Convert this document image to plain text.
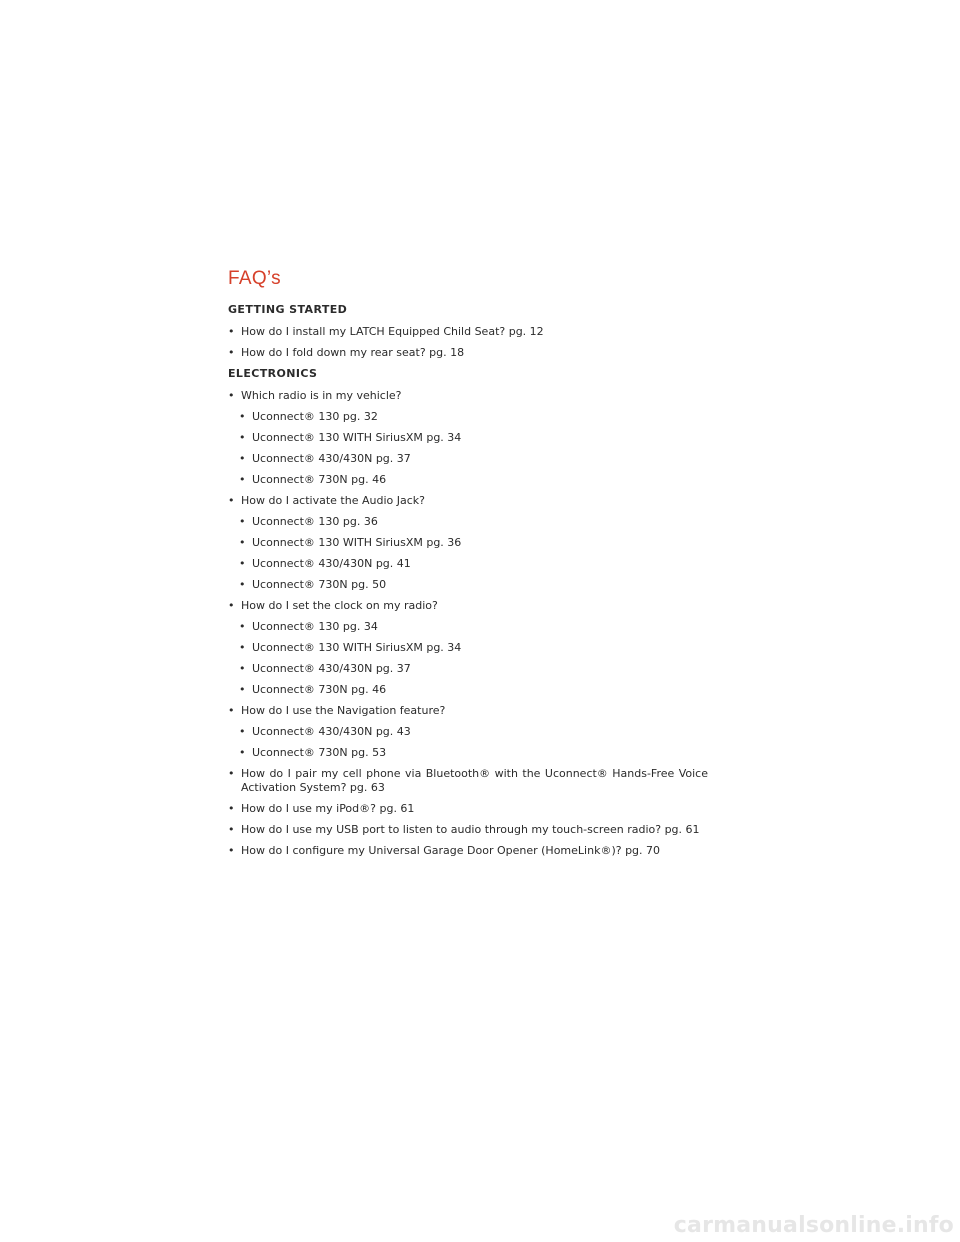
FAQ’s
GETTING STARTED
• How do I install my LATCH Equipped Child Seat? pg. 12
• How do I fold down my rear seat? pg. 18
ELECTRONICS
• Which radio is in my vehicle?
• Uconnect® 130 pg. 32
• Uconnect® 130 WITH SiriusXM pg. 34
• Uconnect® 430/430N pg. 37
• Uconnect® 730N pg. 46
• How do I activate the Audio Jack?
• Uconnect® 130 pg. 36
• Uconnect® 130 WITH SiriusXM pg. 36
• Uconnect® 430/430N pg. 41
• Uconnect® 730N pg. 50
• How do I set the clock on my radio?
• Uconnect® 130 pg. 34
• Uconnect® 130 WITH SiriusXM pg. 34
• Uconnect® 430/430N pg. 37
• Uconnect® 730N pg. 46
• How do I use the Navigation feature?
• Uconnect® 430/430N pg. 43
• Uconnect® 730N pg. 53
• How do I pair my cell phone via Bluetooth® with the Uconnect® Hands-Free Voice Activation System? pg. 63
• How do I use my iPod®? pg. 61
• How do I use my USB port to listen to audio through my touch-screen radio? pg. 61
• How do I configure my Universal Garage Door Opener (HomeLink®)? pg. 70
carmanualsonline.info
